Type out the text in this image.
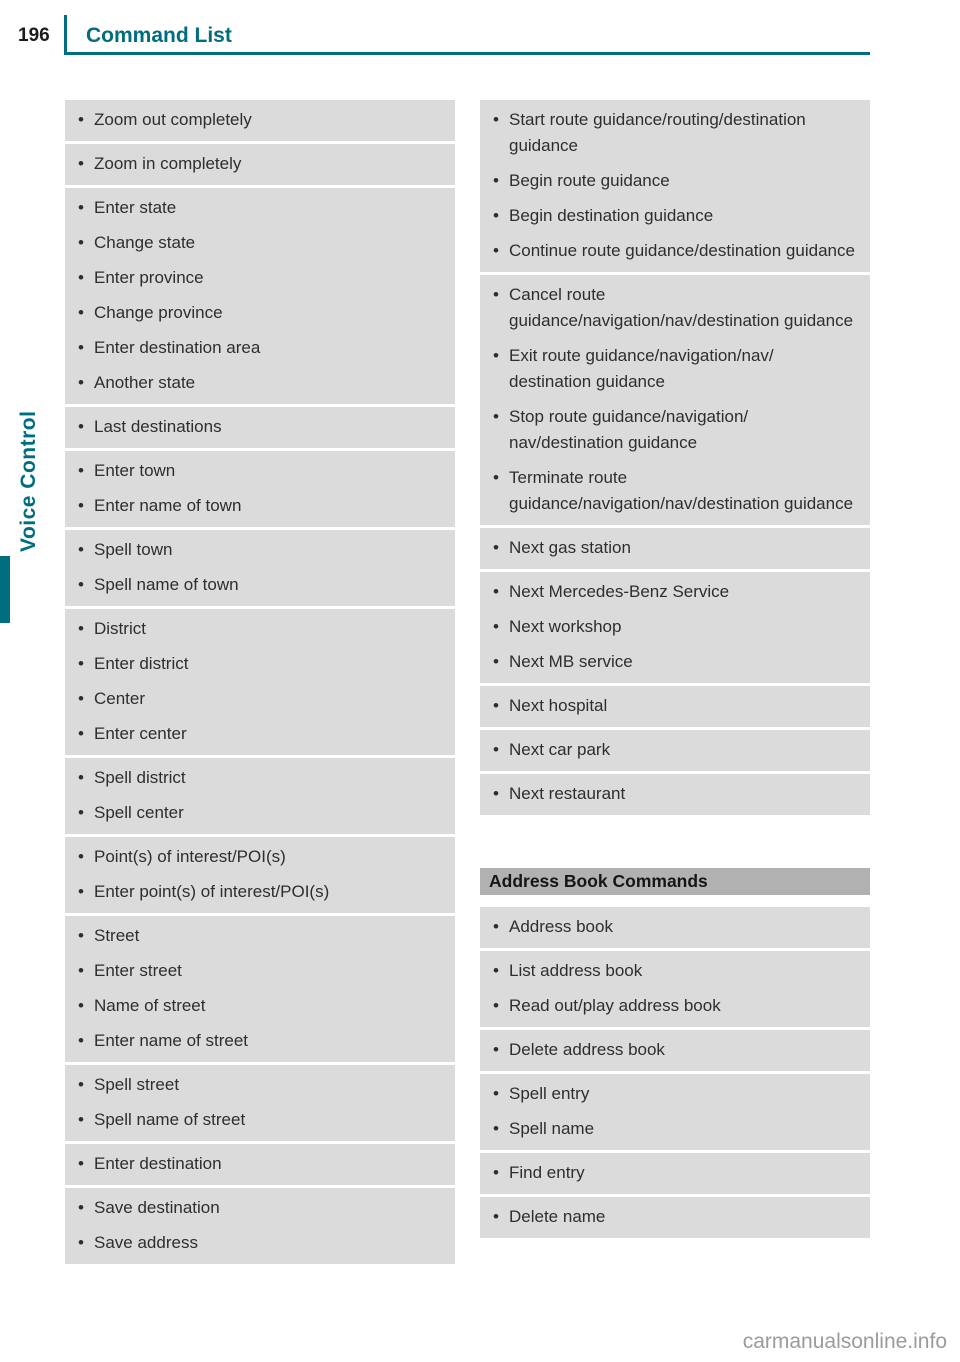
196 Command List
Voice Control
• Zoom out completely
• Zoom in completely
• Enter state
• Change state
• Enter province
• Change province
• Enter destination area
• Another state
• Last destinations
• Enter town
• Enter name of town
• Spell town
• Spell name of town
• District
• Enter district
• Center
• Enter center
• Spell district
• Spell center
• Point(s) of interest/POI(s)
• Enter point(s) of interest/POI(s)
• Street
• Enter street
• Name of street
• Enter name of street
• Spell street
• Spell name of street
• Enter destination
• Save destination
• Save address
• Start route guidance/routing/destination guidance
• Begin route guidance
• Begin destination guidance
• Continue route guidance/destination guidance
• Cancel route guidance/navigation/nav/destination guidance
• Exit route guidance/navigation/nav/ destination guidance
• Stop route guidance/navigation/ nav/destination guidance
• Terminate route guidance/navigation/nav/destination guidance
• Next gas station
• Next Mercedes-Benz Service
• Next workshop
• Next MB service
• Next hospital
• Next car park
• Next restaurant
Address Book Commands
• Address book
• List address book
• Read out/play address book
• Delete address book
• Spell entry
• Spell name
• Find entry
• Delete name
carmanualsonline.info
